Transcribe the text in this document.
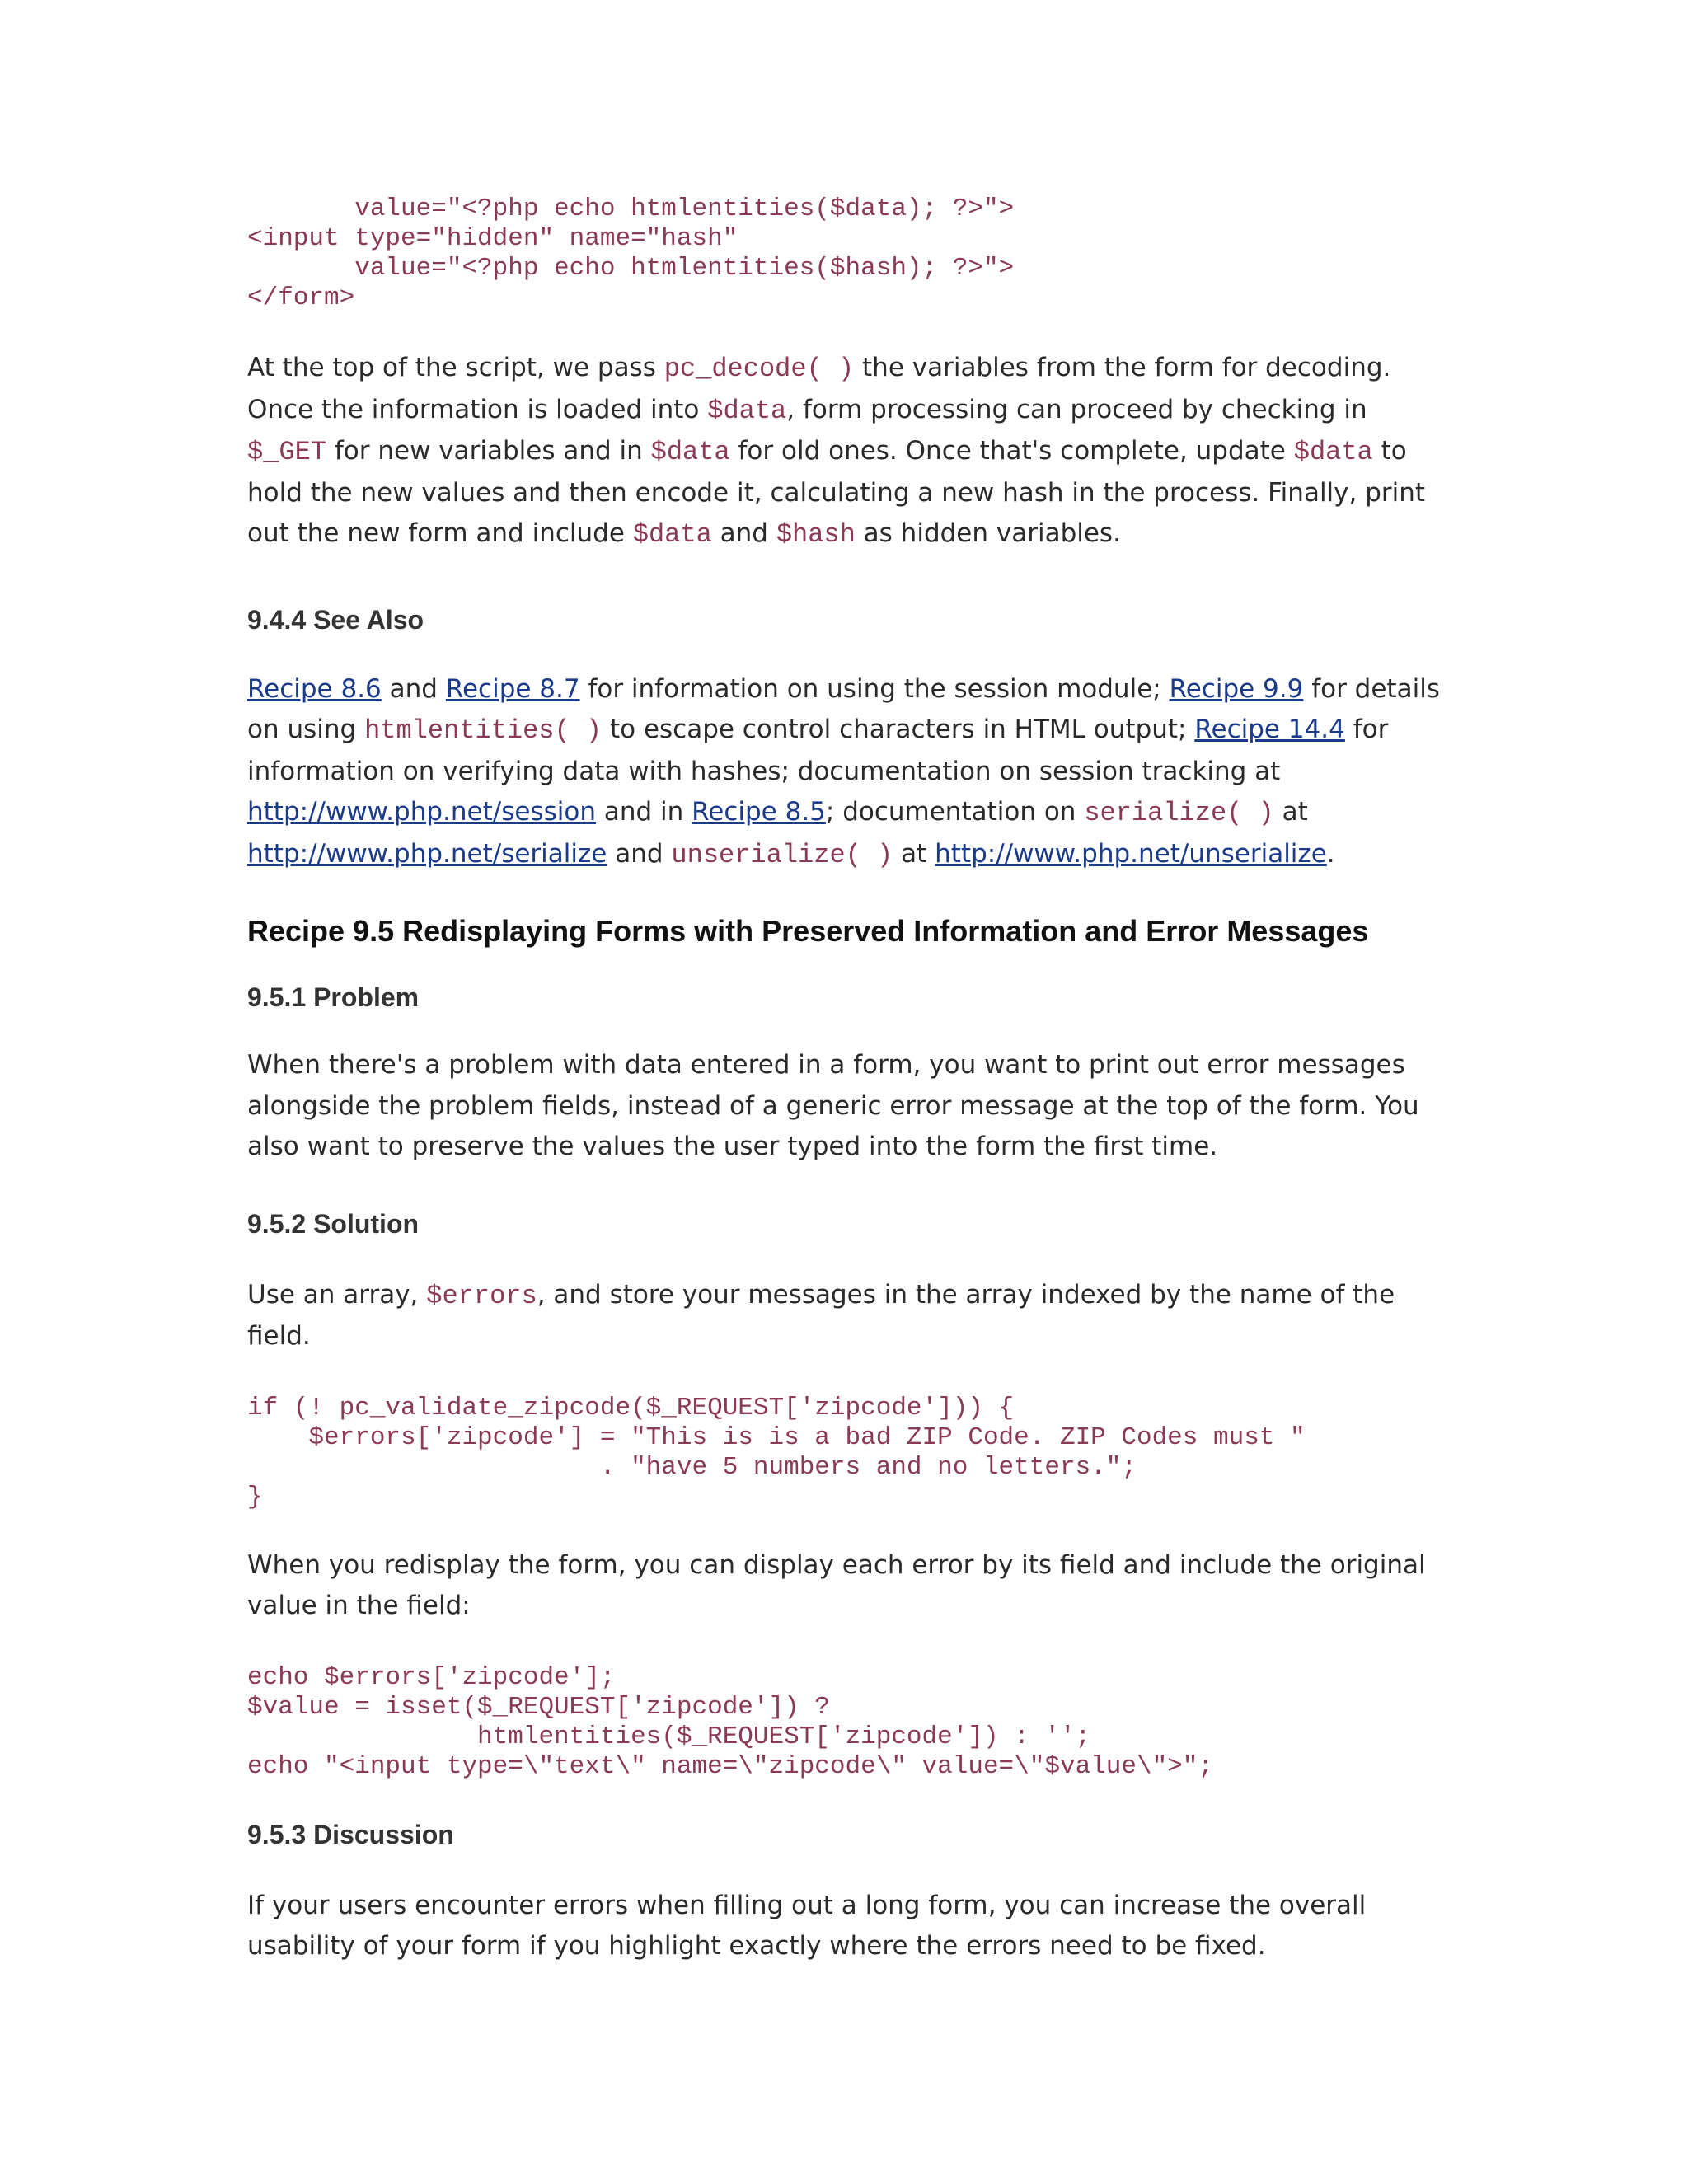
value="<?php echo htmlentities($data); ?>">
<input type="hidden" name="hash"
value="<?php echo htmlentities($hash); ?>">
</form>

At the top of the script, we pass pc_decode( ) the variables from the form for decoding. Once the information is loaded into $data, form processing can proceed by checking in $_GET for new variables and in $data for old ones. Once that's complete, update $data to hold the new values and then encode it, calculating a new hash in the process. Finally, print out the new form and include $data and $hash as hidden variables.

9.4.4 See Also

Recipe 8.6 and Recipe 8.7 for information on using the session module; Recipe 9.9 for details on using htmlentities( ) to escape control characters in HTML output; Recipe 14.4 for information on verifying data with hashes; documentation on session tracking at http://www.php.net/session and in Recipe 8.5; documentation on serialize( ) at http://www.php.net/serialize and unserialize( ) at http://www.php.net/unserialize.

Recipe 9.5 Redisplaying Forms with Preserved Information and Error Messages
9.5.1 Problem

When there's a problem with data entered in a form, you want to print out error messages alongside the problem fields, instead of a generic error message at the top of the form. You also want to preserve the values the user typed into the form the first time.

9.5.2 Solution

Use an array, $errors, and store your messages in the array indexed by the name of the field.

if (! pc_validate_zipcode($_REQUEST['zipcode'])) {
$errors['zipcode'] = "This is is a bad ZIP Code. ZIP Codes must "
. "have 5 numbers and no letters.";
}

When you redisplay the form, you can display each error by its field and include the original value in the field:

echo $errors['zipcode'];
$value = isset($_REQUEST['zipcode']) ?
htmlentities($_REQUEST['zipcode']) : '';
echo "<input type=\"text\" name=\"zipcode\" value=\"$value\">";
9.5.3 Discussion

If your users encounter errors when filling out a long form, you can increase the overall usability of your form if you highlight exactly where the errors need to be fixed.
